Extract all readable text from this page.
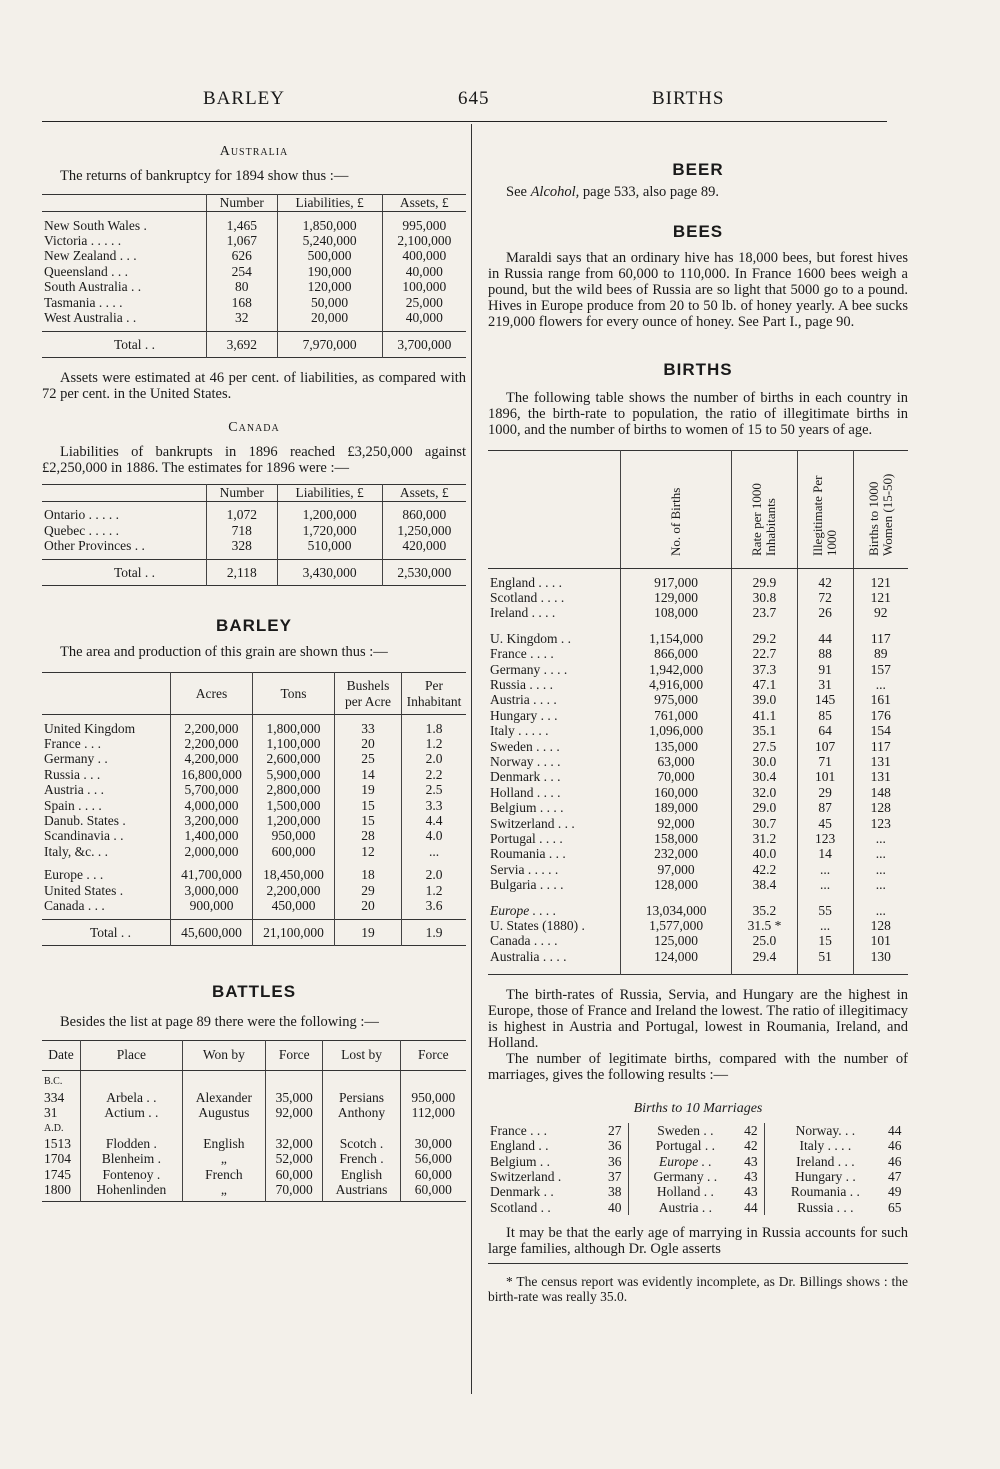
BARLEY	645	BIRTHS
Australia

The returns of bankruptcy for 1894 show thus :—

	Number	Liabilities, £	Assets, £

New South Wales .	1,465	1,850,000	995,000
Victoria . . . . .	1,067	5,240,000	2,100,000
New Zealand . . .	626	500,000	400,000
Queensland . . .	254	190,000	40,000
South Australia . .	80	120,000	100,000
Tasmania . . . .	168	50,000	25,000
West Australia . .	32	20,000	40,000

Total . .	3,692	7,970,000	3,700,000

Assets were estimated at 46 per cent. of liabilities, as compared with 72 per cent. in the United States.

Canada

Liabilities of bankrupts in 1896 reached £3,250,000 against £2,250,000 in 1886. The estimates for 1896 were :—

	Number	Liabilities, £	Assets, £

Ontario . . . . .	1,072	1,200,000	860,000
Quebec . . . . .	718	1,720,000	1,250,000
Other Provinces . .	328	510,000	420,000

Total . .	2,118	3,430,000	2,530,000
BARLEY

The area and production of this grain are shown thus :—

	Acres	Tons	Bushels per Acre	Per Inhabitant

United Kingdom	2,200,000	1,800,000	33	1.8
France . . .	2,200,000	1,100,000	20	1.2
Germany . .	4,200,000	2,600,000	25	2.0
Russia . . .	16,800,000	5,900,000	14	2.2
Austria . . .	5,700,000	2,800,000	19	2.5
Spain . . . .	4,000,000	1,500,000	15	3.3
Danub. States .	3,200,000	1,200,000	15	4.4
Scandinavia . .	1,400,000	950,000	28	4.0
Italy, &c. . .	2,000,000	600,000	12	...

Europe . . .	41,700,000	18,450,000	18	2.0
United States .	3,000,000	2,200,000	29	1.2
Canada . . .	900,000	450,000	20	3.6

Total . .	45,600,000	21,100,000	19	1.9
BATTLES

Besides the list at page 89 there were the following :—

Date	Place	Won by	Force	Lost by	Force

B.C.					
334	Arbela . .	Alexander	35,000	Persians	950,000
31	Actium . .	Augustus	92,000	Anthony	112,000
A.D.					
1513	Flodden .	English	32,000	Scotch .	30,000
1704	Blenheim .	„	52,000	French .	56,000
1745	Fontenoy .	French	60,000	English	60,000
1800	Hohenlinden	„	70,000	Austrians	60,000

BEER

See Alcohol, page 533, also page 89.

BEES

Maraldi says that an ordinary hive has 18,000 bees, but forest hives in Russia range from 60,000 to 110,000. In France 1600 bees weigh a pound, but the wild bees of Russia are so light that 5000 go to a pound. Hives in Europe produce from 20 to 50 lb. of honey yearly. A bee sucks 219,000 flowers for every ounce of honey. See Part I., page 90.

BIRTHS

The following table shows the number of births in each country in 1896, the birth-rate to population, the ratio of illegitimate births in 1000, and the number of births to women of 15 to 50 years of age.

	No. of Births	Rate per 1000 Inhabitants	Illegitimate Per 1000	Births to 1000 Women (15-50)

England . . . .	917,000	29.9	42	121
Scotland . . . .	129,000	30.8	72	121
Ireland . . . .	108,000	23.7	26	92

U. Kingdom . .	1,154,000	29.2	44	117
France . . . .	866,000	22.7	88	89
Germany . . . .	1,942,000	37.3	91	157
Russia . . . .	4,916,000	47.1	31	...
Austria . . . .	975,000	39.0	145	161
Hungary . . .	761,000	41.1	85	176
Italy . . . . .	1,096,000	35.1	64	154
Sweden . . . .	135,000	27.5	107	117
Norway . . . .	63,000	30.0	71	131
Denmark . . .	70,000	30.4	101	131
Holland . . . .	160,000	32.0	29	148
Belgium . . . .	189,000	29.0	87	128
Switzerland . . .	92,000	30.7	45	123
Portugal . . . .	158,000	31.2	123	...
Roumania . . .	232,000	40.0	14	...
Servia . . . . .	97,000	42.2	...	...
Bulgaria . . . .	128,000	38.4	...	...

Europe . . . .	13,034,000	35.2	55	...
U. States (1880) .	1,577,000	31.5 *	...	128
Canada . . . .	125,000	25.0	15	101
Australia . . . .	124,000	29.4	51	130

The birth-rates of Russia, Servia, and Hungary are the highest in Europe, those of France and Ireland the lowest. The ratio of illegitimacy is highest in Austria and Portugal, lowest in Roumania, Ireland, and Holland.

The number of legitimate births, compared with the number of marriages, gives the following results :—

Births to 10 Marriages
France . . .	27	Sweden . .	42	Norway. . .	44
England . .	36	Portugal . .	42	Italy . . . .	46
Belgium . .	36	Europe . .	43	Ireland . . .	46
Switzerland .	37	Germany . .	43	Hungary . .	47
Denmark . .	38	Holland . .	43	Roumania . .	49
Scotland . .	40	Austria . .	44	Russia . . .	65

It may be that the early age of marrying in Russia accounts for such large families, although Dr. Ogle asserts

* The census report was evidently incomplete, as Dr. Billings shows : the birth-rate was really 35.0.
